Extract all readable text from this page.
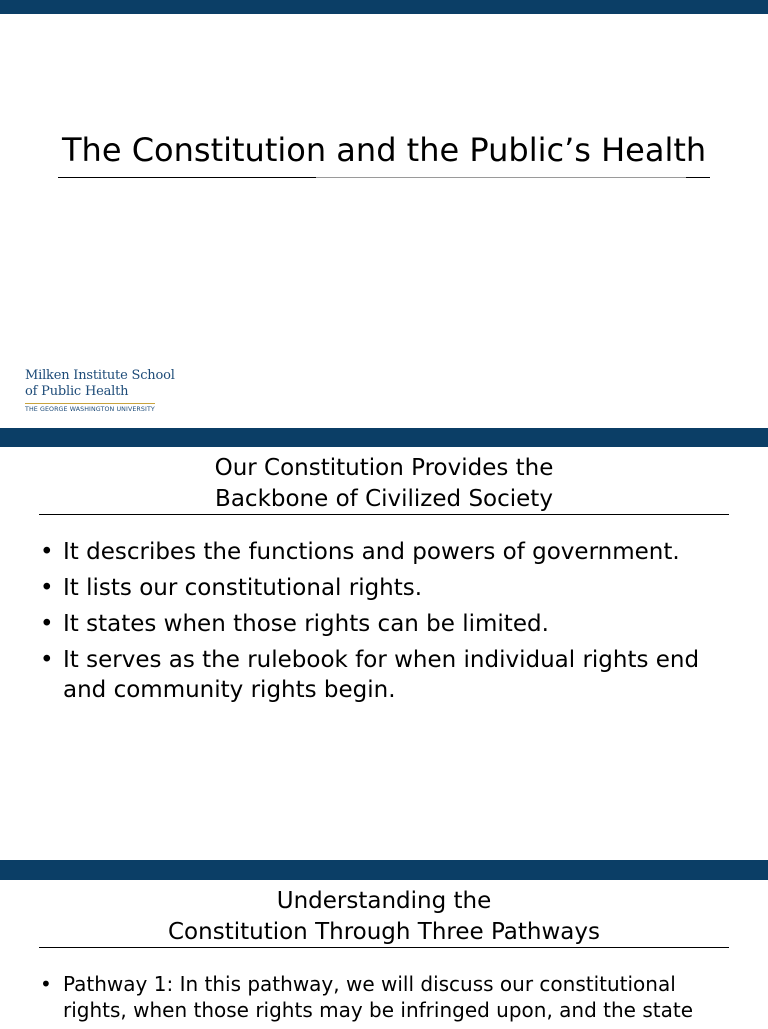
The Constitution and the Public’s Health
Milken Institute School
of Public Health
THE GEORGE WASHINGTON UNIVERSITY
Our Constitution Provides the
Backbone of Civilized Society
• It describes the functions and powers of government.
• It lists our constitutional rights.
• It states when those rights can be limited.
• It serves as the rulebook for when individual rights end and community rights begin.
Understanding the
Constitution Through Three Pathways
• Pathway 1: In this pathway, we will discuss our constitutional rights, when those rights may be infringed upon, and the state
